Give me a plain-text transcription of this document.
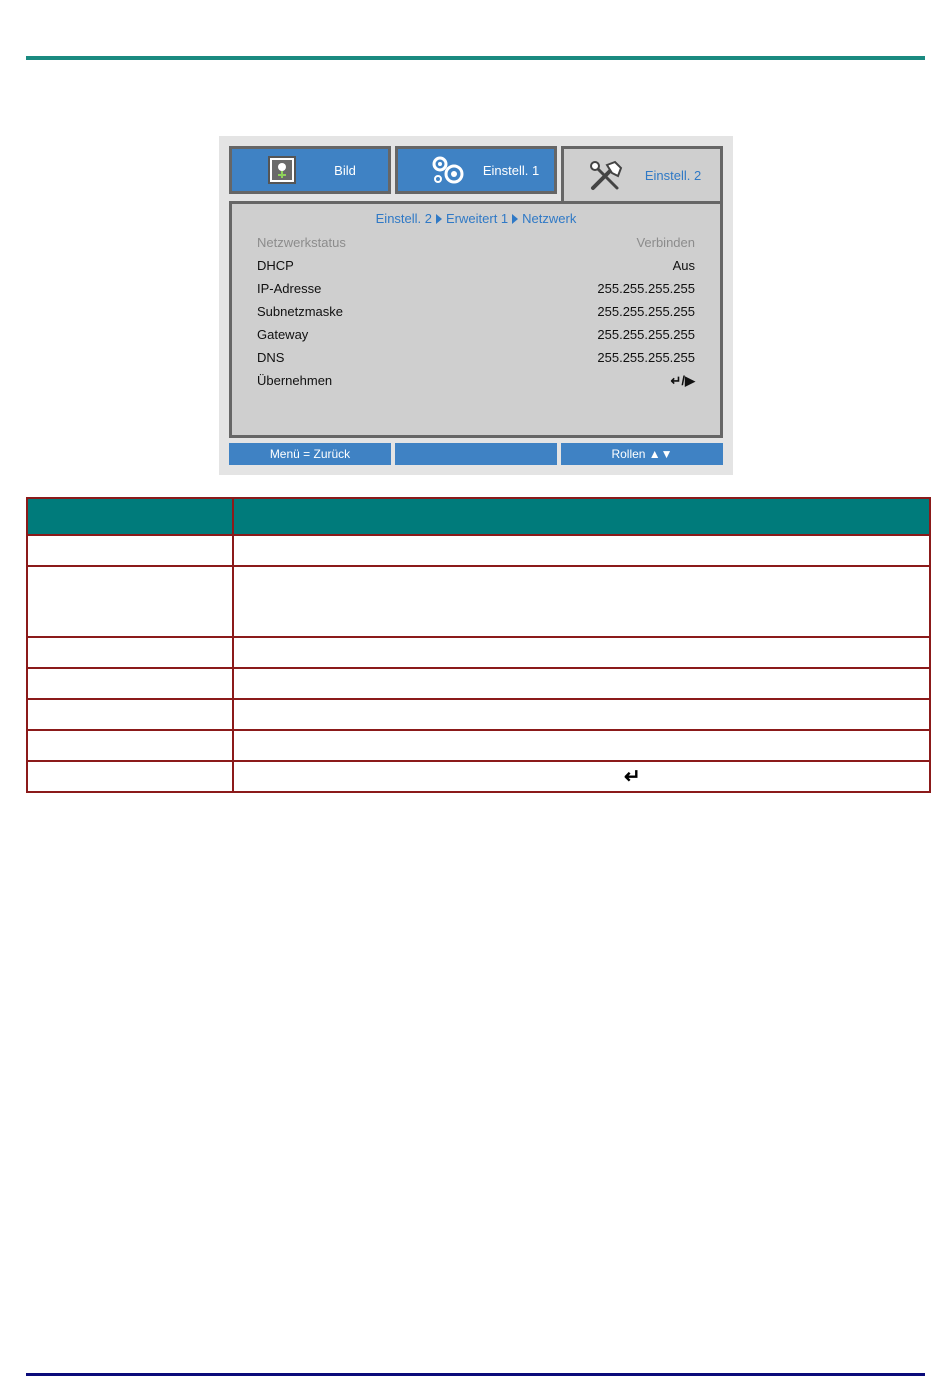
Bild	Einstell. 1	Einstell. 2
Einstell. 2 Erweitert 1 Netzwerk
Netzwerkstatus	Verbinden
DHCP	Aus
IP-Adresse	255.255.255.255
Subnetzmaske	255.255.255.255
Gateway	255.255.255.255
DNS	255.255.255.255
Übernehmen	↵/▶
Menü = Zurück	Rollen ▲▼

	↵
